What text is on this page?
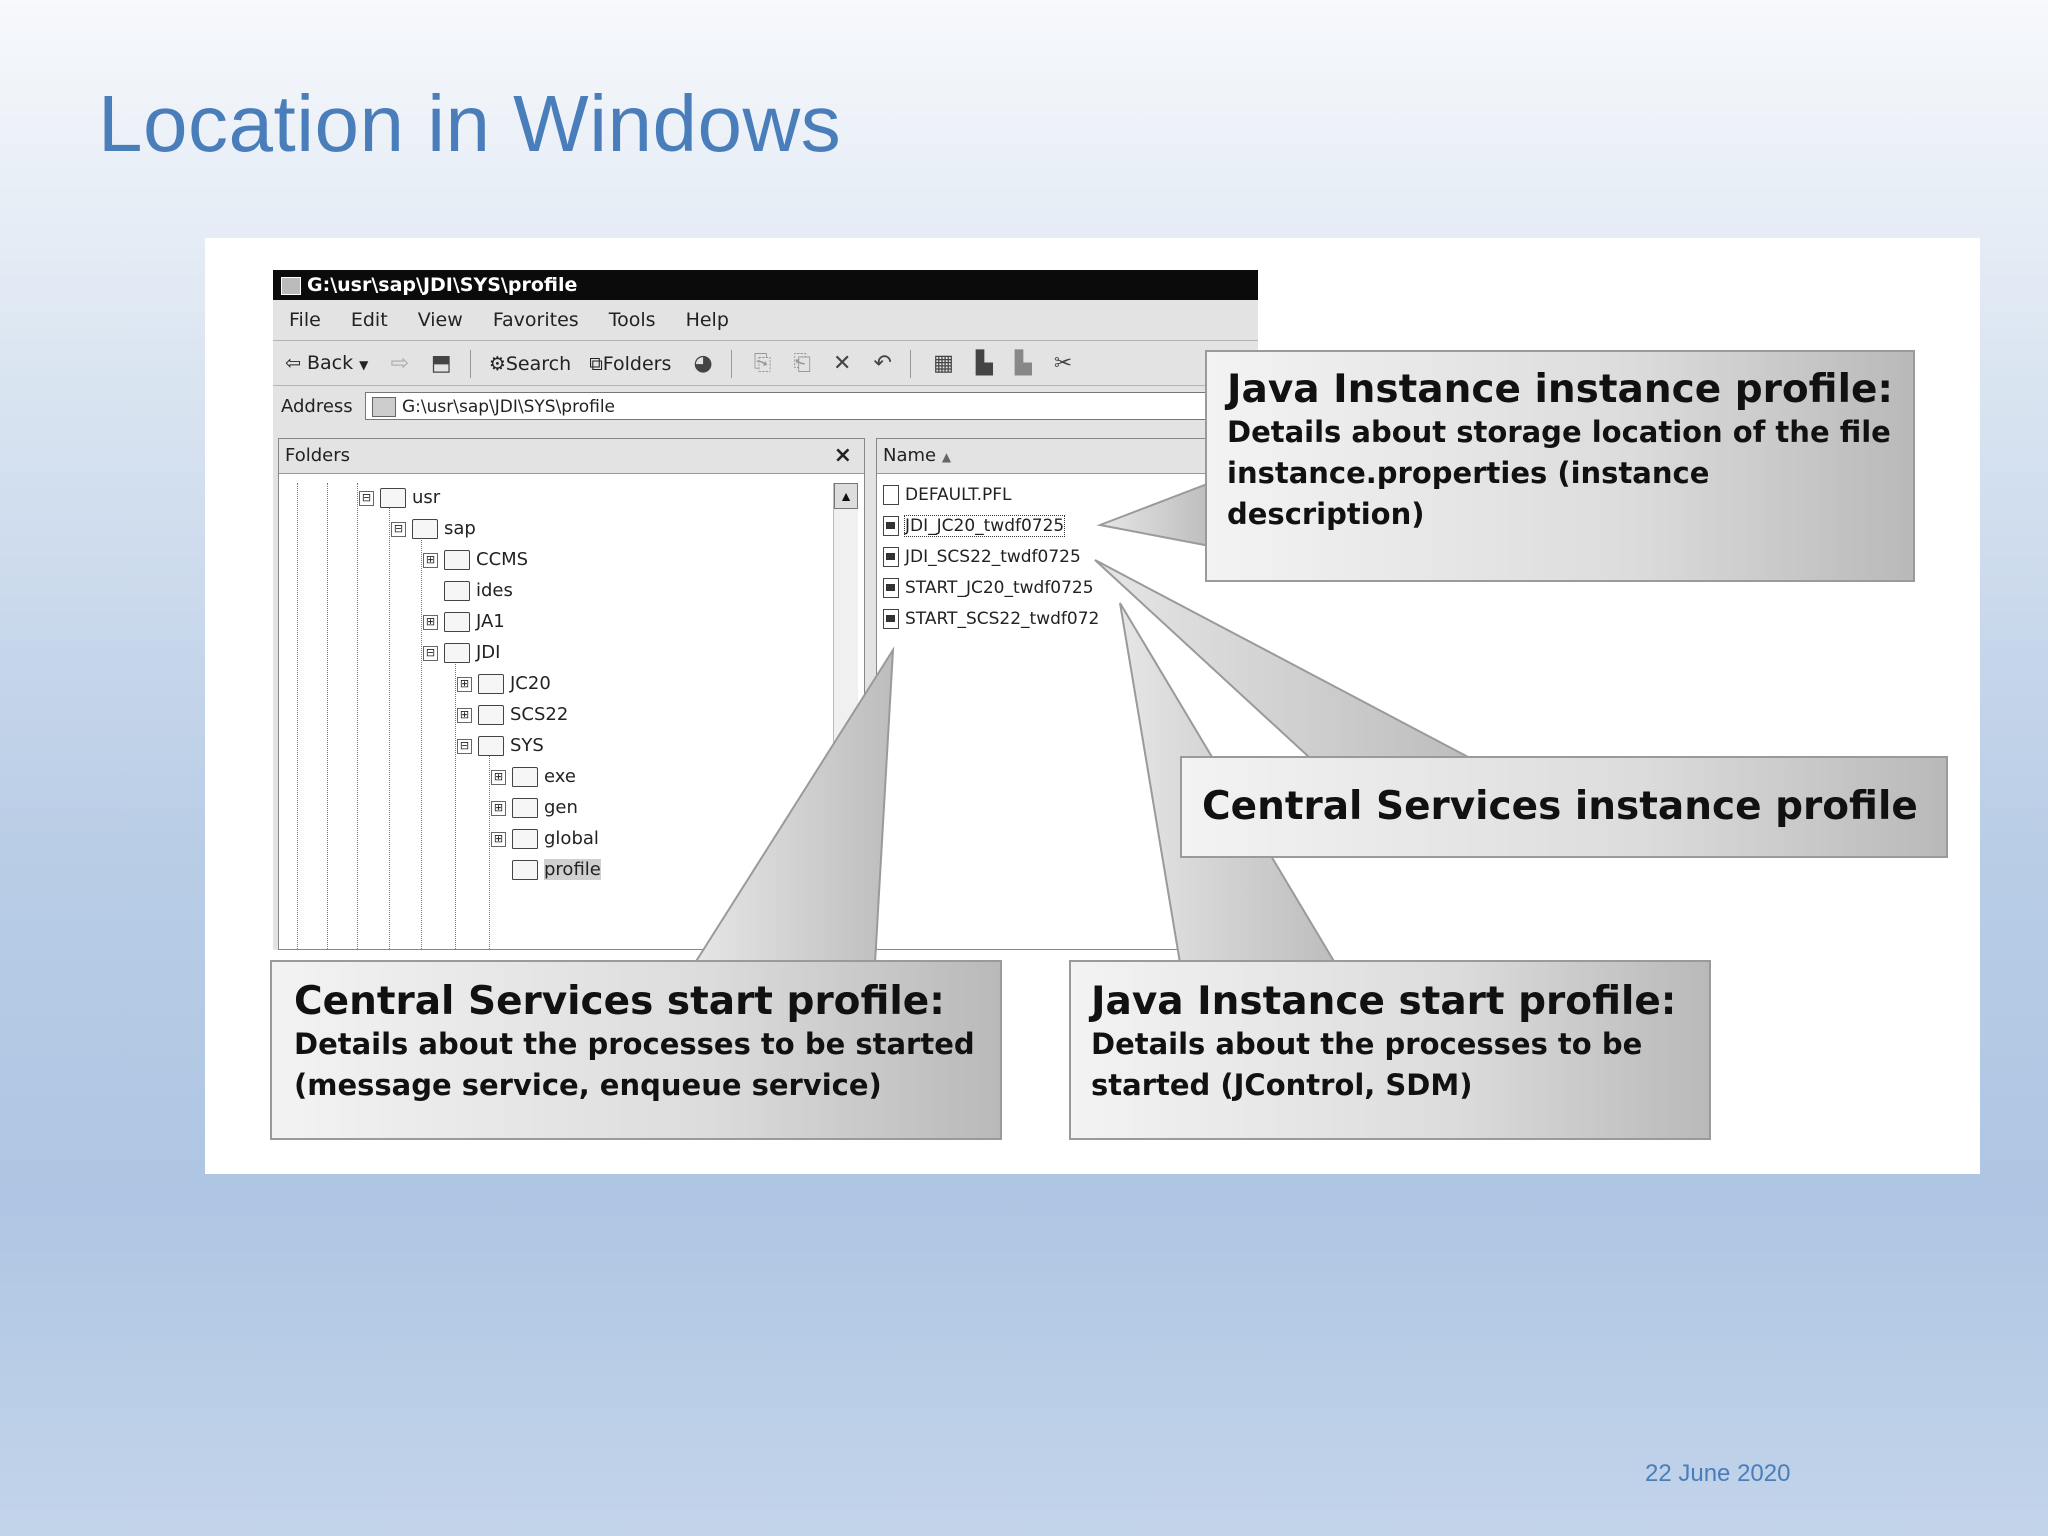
Location in Windows
G:\usr\sap\JDI\SYS\profile
File Edit View Favorites Tools Help
⇦ Back ▼ ⇨ ⬒ ⚙Search ⧉Folders ◕ ⎘ ⎗ ✕ ↶ ▦ ▙ ▙ ✂
Address	G:\usr\sap\JDI\SYS\profile
Folders	×
▲
⊟ usr
⊟ sap
⊞ CCMS
ides
⊞ JA1
⊟ JDI
⊞ JC20
⊞ SCS22
⊟ SYS
⊞ exe
⊞ gen
⊞ global
profile
Name ▲
DEFAULT.PFL
JDI_JC20_twdf0725
JDI_SCS22_twdf0725
START_JC20_twdf0725
START_SCS22_twdf072
Java Instance instance profile:
Details about storage location of the file instance.properties (instance description)
Central Services instance profile
Central Services start profile:
Details about the processes to be started (message service, enqueue service)
Java Instance start profile:
Details about the processes to be started (JControl, SDM)
22 June 2020
